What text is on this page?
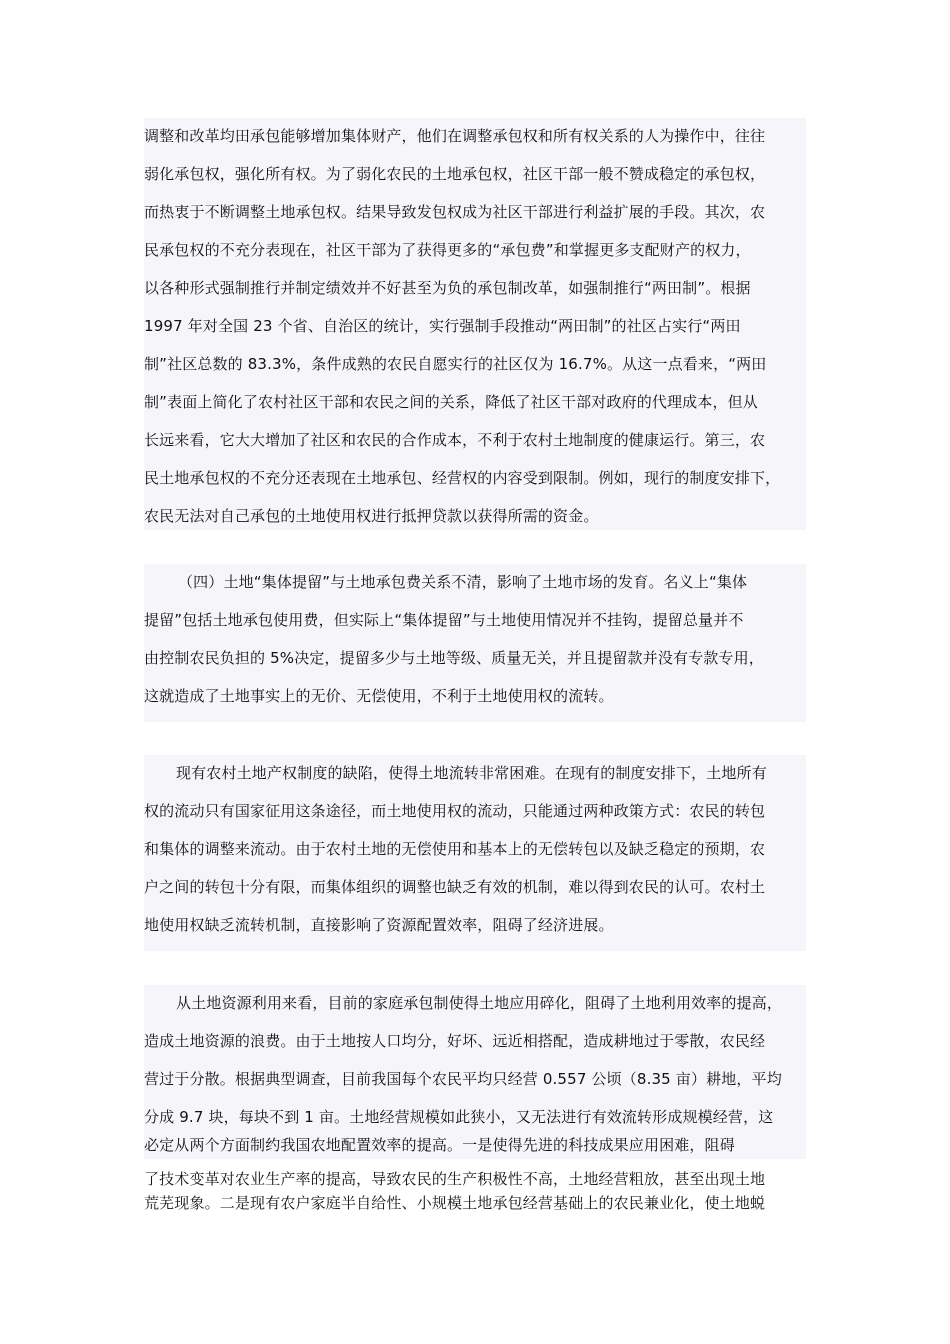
调整和改革均田承包能够增加集体财产，他们在调整承包权和所有权关系的人为操作中，往往
弱化承包权，强化所有权。为了弱化农民的土地承包权，社区干部一般不赞成稳定的承包权，
而热衷于不断调整土地承包权。结果导致发包权成为社区干部进行利益扩展的手段。其次，农
民承包权的不充分表现在，社区干部为了获得更多的“承包费”和掌握更多支配财产的权力，
以各种形式强制推行并制定绩效并不好甚至为负的承包制改革，如强制推行“两田制”。根据
1997 年对全国 23 个省、自治区的统计，实行强制手段推动“两田制”的社区占实行“两田
制”社区总数的 83.3%，条件成熟的农民自愿实行的社区仅为 16.7%。从这一点看来，“两田
制”表面上简化了农村社区干部和农民之间的关系，降低了社区干部对政府的代理成本，但从
长远来看，它大大增加了社区和农民的合作成本，不利于农村土地制度的健康运行。第三，农
民土地承包权的不充分还表现在土地承包、经营权的内容受到限制。例如，现行的制度安排下，
农民无法对自己承包的土地使用权进行抵押贷款以获得所需的资金。
（四）土地“集体提留”与土地承包费关系不清，影响了土地市场的发育。名义上“集体
提留”包括土地承包使用费，但实际上“集体提留”与土地使用情况并不挂钩，提留总量并不
由控制农民负担的 5%决定，提留多少与土地等级、质量无关，并且提留款并没有专款专用，
这就造成了土地事实上的无价、无偿使用，不利于土地使用权的流转。
现有农村土地产权制度的缺陷，使得土地流转非常困难。在现有的制度安排下，土地所有
权的流动只有国家征用这条途径，而土地使用权的流动，只能通过两种政策方式：农民的转包
和集体的调整来流动。由于农村土地的无偿使用和基本上的无偿转包以及缺乏稳定的预期，农
户之间的转包十分有限，而集体组织的调整也缺乏有效的机制，难以得到农民的认可。农村土
地使用权缺乏流转机制，直接影响了资源配置效率，阻碍了经济进展。
从土地资源利用来看，目前的家庭承包制使得土地应用碎化，阻碍了土地利用效率的提高，
造成土地资源的浪费。由于土地按人口均分，好坏、远近相搭配，造成耕地过于零散，农民经
营过于分散。根据典型调查，目前我国每个农民平均只经营 0.557 公顷（8.35 亩）耕地，平均
分成 9.7 块，每块不到 1 亩。土地经营规模如此狭小，又无法进行有效流转形成规模经营，这
必定从两个方面制约我国农地配置效率的提高。一是使得先进的科技成果应用困难，阻碍
了技术变革对农业生产率的提高，导致农民的生产积极性不高，土地经营粗放，甚至出现土地
荒芜现象。二是现有农户家庭半自给性、小规模土地承包经营基础上的农民兼业化，使土地蜕
